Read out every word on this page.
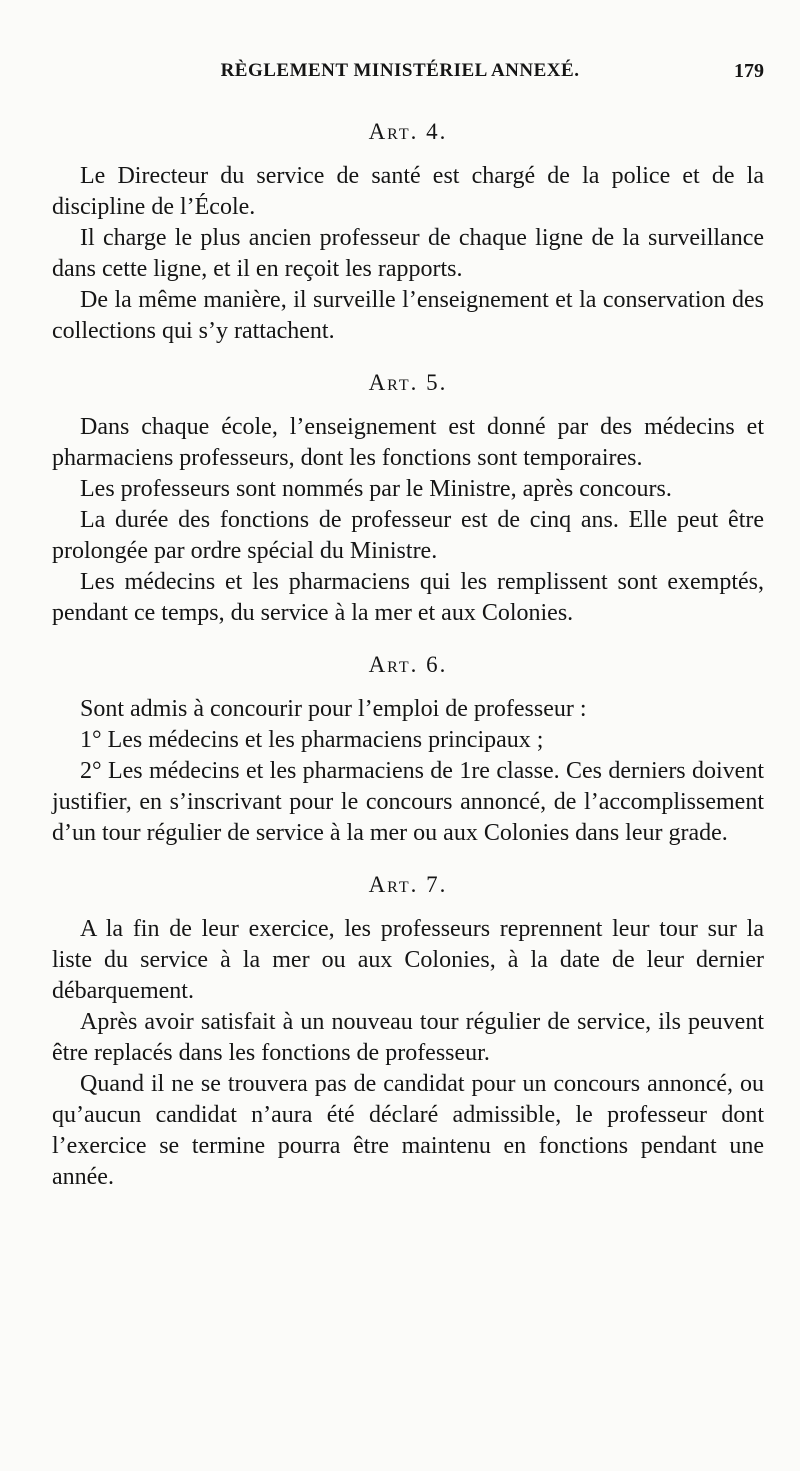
RÈGLEMENT MINISTÉRIEL ANNEXÉ.	179
Art. 4.

Le Directeur du service de santé est chargé de la police et de la discipline de l’École.

Il charge le plus ancien professeur de chaque ligne de la surveillance dans cette ligne, et il en reçoit les rapports.

De la même manière, il surveille l’enseignement et la conservation des collections qui s’y rattachent.

Art. 5.

Dans chaque école, l’enseignement est donné par des médecins et pharmaciens professeurs, dont les fonctions sont temporaires.

Les professeurs sont nommés par le Ministre, après concours.

La durée des fonctions de professeur est de cinq ans. Elle peut être prolongée par ordre spécial du Ministre.

Les médecins et les pharmaciens qui les remplissent sont exemptés, pendant ce temps, du service à la mer et aux Colonies.

Art. 6.

Sont admis à concourir pour l’emploi de professeur :

1° Les médecins et les pharmaciens principaux ;

2° Les médecins et les pharmaciens de 1re classe. Ces derniers doivent justifier, en s’inscrivant pour le concours annoncé, de l’accomplissement d’un tour régulier de service à la mer ou aux Colonies dans leur grade.

Art. 7.

A la fin de leur exercice, les professeurs reprennent leur tour sur la liste du service à la mer ou aux Colonies, à la date de leur dernier débarquement.

Après avoir satisfait à un nouveau tour régulier de service, ils peuvent être replacés dans les fonctions de professeur.

Quand il ne se trouvera pas de candidat pour un concours annoncé, ou qu’aucun candidat n’aura été déclaré admissible, le professeur dont l’exercice se termine pourra être maintenu en fonctions pendant une année.
